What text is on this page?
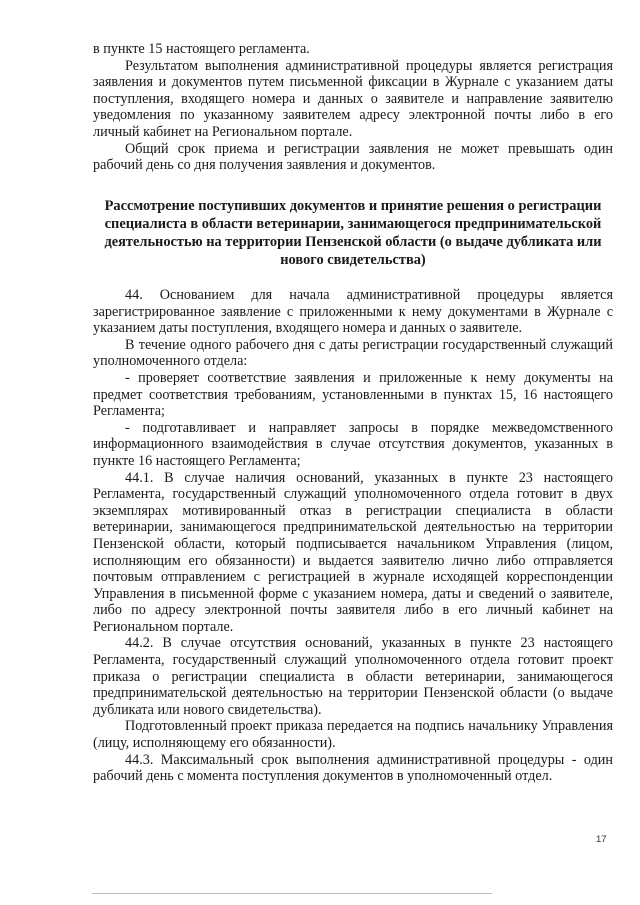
в пункте 15 настоящего регламента.

Результатом выполнения административной процедуры является регистрация заявления и документов путем письменной фиксации в Журнале с указанием даты поступления, входящего номера и данных о заявителе и направление заявителю уведомления по указанному заявителем адресу электронной почты либо в его личный кабинет на Региональном портале.

Общий срок приема и регистрации заявления не может превышать один рабочий день со дня получения заявления и документов.

Рассмотрение поступивших документов и принятие решения о регистрации специалиста в области ветеринарии, занимающегося предпринимательской деятельностью на территории Пензенской области (о выдаче дубликата или нового свидетельства)

44. Основанием для начала административной процедуры является зарегистрированное заявление с приложенными к нему документами в Журнале с указанием даты поступления, входящего номера и данных о заявителе.

В течение одного рабочего дня с даты регистрации государственный служащий уполномоченного отдела:

- проверяет соответствие заявления и приложенные к нему документы на предмет соответствия требованиям, установленными в пунктах 15, 16 настоящего Регламента;

- подготавливает и направляет запросы в порядке межведомственного информационного взаимодействия в случае отсутствия документов, указанных в пункте 16 настоящего Регламента;

44.1. В случае наличия оснований, указанных в пункте 23 настоящего Регламента, государственный служащий уполномоченного отдела готовит в двух экземплярах мотивированный отказ в регистрации специалиста в области ветеринарии, занимающегося предпринимательской деятельностью на территории Пензенской области, который подписывается начальником Управления (лицом, исполняющим его обязанности) и выдается заявителю лично либо отправляется почтовым отправлением с регистрацией в журнале исходящей корреспонденции Управления в письменной форме с указанием номера, даты и сведений о заявителе, либо по адресу электронной почты заявителя либо в его личный кабинет на Региональном портале.

44.2. В случае отсутствия оснований, указанных в пункте 23 настоящего Регламента, государственный служащий уполномоченного отдела готовит проект приказа о регистрации специалиста в области ветеринарии, занимающегося предпринимательской деятельностью на территории Пензенской области (о выдаче дубликата или нового свидетельства).

Подготовленный проект приказа передается на подпись начальнику Управления (лицу, исполняющему его обязанности).

44.3. Максимальный срок выполнения административной процедуры - один рабочий день с момента поступления документов в уполномоченный отдел.

17
